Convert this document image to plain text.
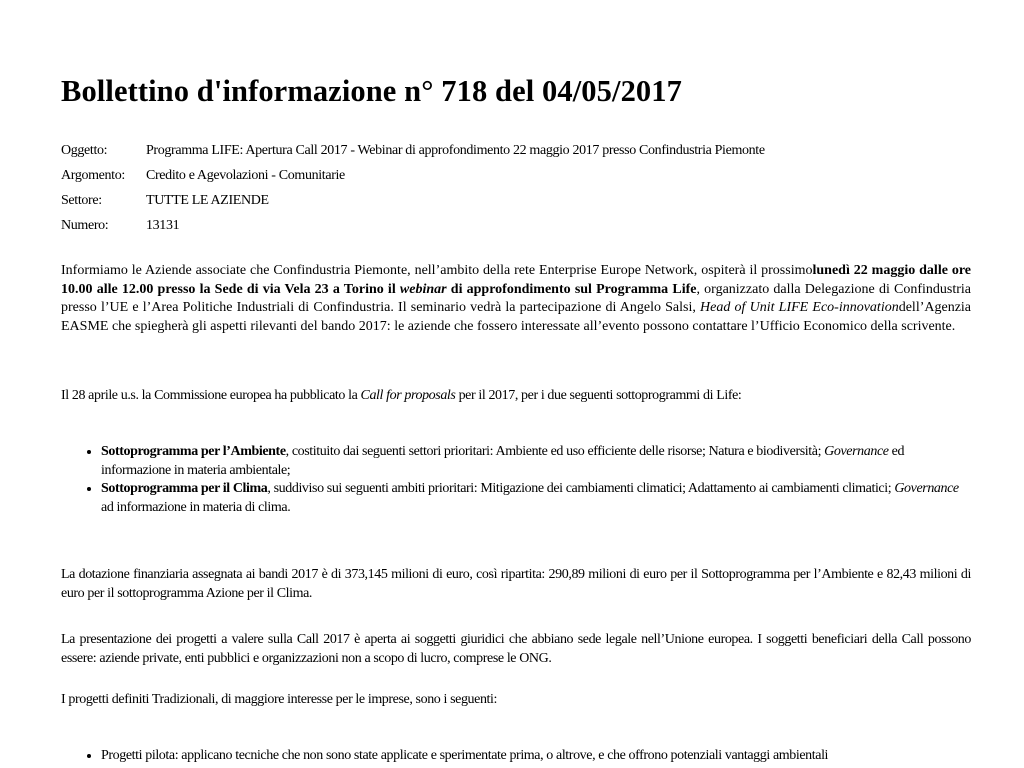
Bollettino d'informazione n° 718 del 04/05/2017
Oggetto:	Programma LIFE: Apertura Call 2017 - Webinar di approfondimento 22 maggio 2017 presso Confindustria Piemonte
Argomento:	Credito e Agevolazioni - Comunitarie
Settore:	TUTTE LE AZIENDE
Numero:	13131

Informiamo le Aziende associate che Confindustria Piemonte, nell’ambito della rete Enterprise Europe Network, ospiterà il prossimolunedì 22 maggio dalle ore 10.00 alle 12.00 presso la Sede di via Vela 23 a Torino il webinar di approfondimento sul Programma Life, organizzato dalla Delegazione di Confindustria presso l’UE e l’Area Politiche Industriali di Confindustria. Il seminario vedrà la partecipazione di Angelo Salsi, Head of Unit LIFE Eco-innovationdell’Agenzia EASME che spiegherà gli aspetti rilevanti del bando 2017: le aziende che fossero interessate all’evento possono contattare l’Ufficio Economico della scrivente.

Il 28 aprile u.s. la Commissione europea ha pubblicato la Call for proposals per il 2017, per i due seguenti sottoprogrammi di Life:

• Sottoprogramma per l’Ambiente, costituito dai seguenti settori prioritari: Ambiente ed uso efficiente delle risorse; Natura e biodiversità; Governance ed informazione in materia ambientale;
• Sottoprogramma per il Clima, suddiviso sui seguenti ambiti prioritari: Mitigazione dei cambiamenti climatici; Adattamento ai cambiamenti climatici; Governance ad informazione in materia di clima.

La dotazione finanziaria assegnata ai bandi 2017 è di 373,145 milioni di euro, così ripartita: 290,89 milioni di euro per il Sottoprogramma per l’Ambiente e 82,43 milioni di euro per il sottoprogramma Azione per il Clima.

La presentazione dei progetti a valere sulla Call 2017 è aperta ai soggetti giuridici che abbiano sede legale nell’Unione europea. I soggetti beneficiari della Call possono essere: aziende private, enti pubblici e organizzazioni non a scopo di lucro, comprese le ONG.

I progetti definiti Tradizionali, di maggiore interesse per le imprese, sono i seguenti:

• Progetti pilota: applicano tecniche che non sono state applicate e sperimentate prima, o altrove, e che offrono potenziali vantaggi ambientali
